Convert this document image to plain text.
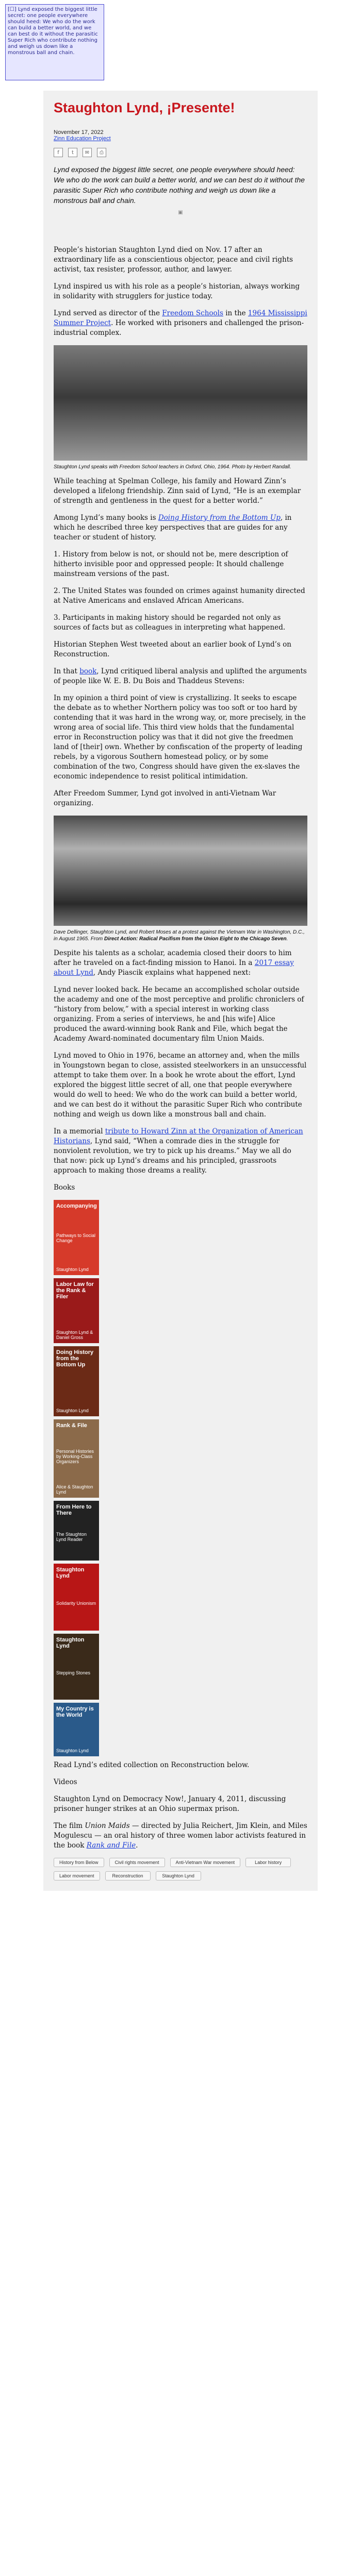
[☐] Lynd exposed the biggest little secret: one people everywhere should heed: We who do the work can build a better world, and we can best do it without the parasitic Super Rich who contribute nothing and weigh us down like a monstrous ball and chain.
Staughton Lynd, ¡Presente!
November 17, 2022
Zinn Education Project
f	t	✉	⎙
Lynd exposed the biggest little secret, one people everywhere should heed: We who do the work can build a better world, and we can best do it without the parasitic Super Rich who contribute nothing and weigh us down like a monstrous ball and chain.
▣

People’s historian Staughton Lynd died on Nov. 17 after an extraordinary life as a conscientious objector, peace and civil rights activist, tax resister, professor, author, and lawyer.

Lynd inspired us with his role as a people’s historian, always working in solidarity with strugglers for justice today.

Lynd served as director of the Freedom Schools in the 1964 Mississippi Summer Project. He worked with prisoners and challenged the prison-industrial complex.

Staughton Lynd speaks with Freedom School teachers in Oxford, Ohio, 1964. Photo by Herbert Randall.

While teaching at Spelman College, his family and Howard Zinn’s developed a lifelong friendship. Zinn said of Lynd, “He is an exemplar of strength and gentleness in the quest for a better world.”

Among Lynd’s many books is Doing History from the Bottom Up, in which he described three key perspectives that are guides for any teacher or student of history.

1. History from below is not, or should not be, mere description of hitherto invisible poor and oppressed people: It should challenge mainstream versions of the past.

2. The United States was founded on crimes against humanity directed at Native Americans and enslaved African Americans.

3. Participants in making history should be regarded not only as sources of facts but as colleagues in interpreting what happened.

Historian Stephen West tweeted about an earlier book of Lynd’s on Reconstruction.

In that book, Lynd critiqued liberal analysis and uplifted the arguments of people like W. E. B. Du Bois and Thaddeus Stevens:

In my opinion a third point of view is crystallizing. It seeks to escape the debate as to whether Northern policy was too soft or too hard by contending that it was hard in the wrong way, or, more precisely, in the wrong area of social life. This third view holds that the fundamental error in Reconstruction policy was that it did not give the freedmen land of [their] own. Whether by confiscation of the property of leading rebels, by a vigorous Southern homestead policy, or by some combination of the two, Congress should have given the ex-slaves the economic independence to resist political intimidation.

After Freedom Summer, Lynd got involved in anti-Vietnam War organizing.

Dave Dellinger, Staughton Lynd, and Robert Moses at a protest against the Vietnam War in Washington, D.C., in August 1965. From Direct Action: Radical Pacifism from the Union Eight to the Chicago Seven.

Despite his talents as a scholar, academia closed their doors to him after he traveled on a fact-finding mission to Hanoi. In a 2017 essay about Lynd, Andy Piascik explains what happened next:

Lynd never looked back. He became an accomplished scholar outside the academy and one of the most perceptive and prolific chroniclers of “history from below,” with a special interest in working class organizing. From a series of interviews, he and [his wife] Alice produced the award-winning book Rank and File, which begat the Academy Award-nominated documentary film Union Maids.

Lynd moved to Ohio in 1976, became an attorney and, when the mills in Youngstown began to close, assisted steelworkers in an unsuccessful attempt to take them over. In a book he wrote about the effort, Lynd explored the biggest little secret of all, one that people everywhere would do well to heed: We who do the work can build a better world, and we can best do it without the parasitic Super Rich who contribute nothing and weigh us down like a monstrous ball and chain.

In a memorial tribute to Howard Zinn at the Organization of American Historians, Lynd said, “When a comrade dies in the struggle for nonviolent revolution, we try to pick up his dreams.” May we all do that now: pick up Lynd’s dreams and his principled, grassroots approach to making those dreams a reality.

Books

Accompanying
Pathways to Social Change
Staughton Lynd
Labor Law for the Rank & Filer
Staughton Lynd & Daniel Gross
Doing History from the Bottom Up
Staughton Lynd
Rank & File
Personal Histories by Working-Class Organizers
Alice & Staughton Lynd
From Here to There
The Staughton Lynd Reader
Staughton Lynd
Solidarity Unionism
Staughton Lynd
Stepping Stones
My Country is the World
Staughton Lynd

Read Lynd’s edited collection on Reconstruction below.

Videos

Staughton Lynd on Democracy Now!, January 4, 2011, discussing prisoner hunger strikes at an Ohio supermax prison.

The film Union Maids — directed by Julia Reichert, Jim Klein, and Miles Mogulescu — an oral history of three women labor activists featured in the book Rank and File.

History from Below	Civil rights movement	Anti-Vietnam War movement	Labor history
Labor movement	Reconstruction	Staughton Lynd
